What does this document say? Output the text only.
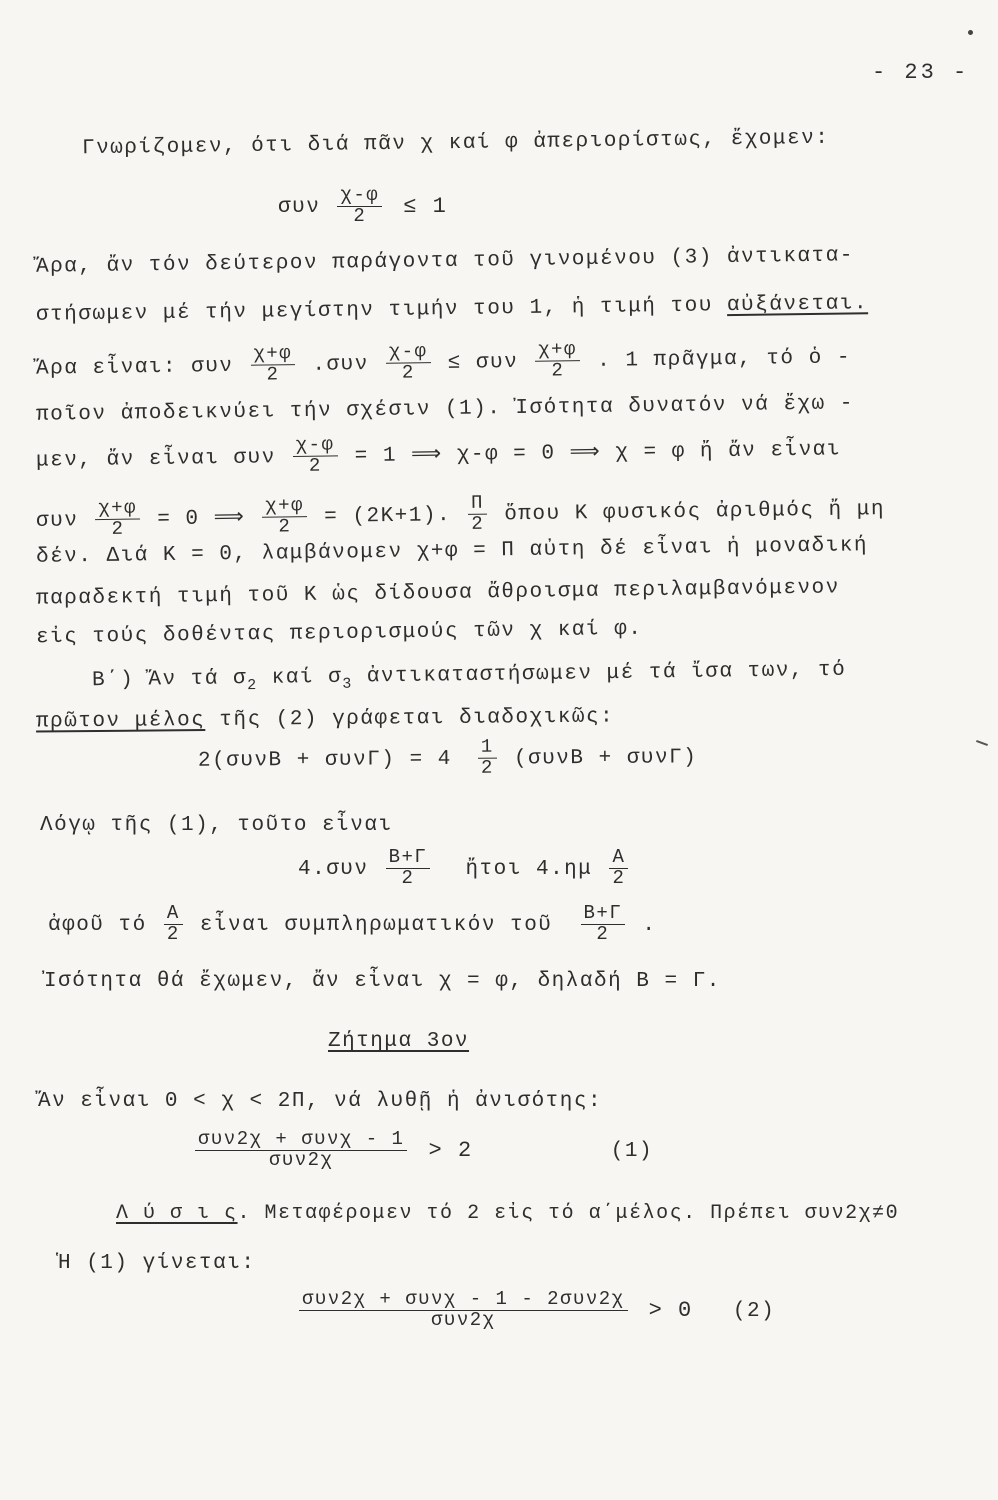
- 23 -
Γνωρίζομεν, ότι διά πᾶν χ καί φ ἀπεριορίστως, ἔχομεν:
συν $\frac{\chi-\varphi}{2} \le 1$
Ἄρα, ἄν τόν δεύτερον παράγοντα τοῦ γινομένου (3) ἀντικατα-
στήσωμεν μέ τήν μεγίστην τιμήν του 1, ἡ τιμή του αὐξάνεται.
Ἄρα εἶναι: συν $\frac{\chi+\varphi}{2} .\sigma\upsilon\nu \frac{\chi-\varphi}{2} \le \sigma\upsilon\nu \frac{\chi+\varphi}{2}$ . 1 πρᾶγμα, τό ὁ -
ποῖον ἀποδεικνύει τήν σχέσιν (1). Ἰσότητα δυνατόν νά ἔχω -
μεν, ἄν εἶναι συν $\frac{\chi-\varphi}{2} = 1$ ⟹ χ-φ = 0 ⟹ χ = φ ἤ ἄν εἶναι
συν $\frac{\chi+\varphi}{2} = 0$ ⟹ $\frac{\chi+\varphi}{2} = (2K+1)$. $\frac{\Pi}{2}$ ὅπου Κ φυσικός ἀριθμός ἤ μη
δέν. Διά Κ = 0, λαμβάνομεν χ+φ = Π αὐτη δέ εἶναι ἡ μοναδική
παραδεκτή τιμή τοῦ Κ ὡς δίδουσα ἄθροισμα περιλαμβανόμενον
εἰς τούς δοθέντας περιορισμούς τῶν χ καί φ.
Β΄) Ἄν τά $\sigma_2$ καί $\sigma_3$ ἀντικαταστήσωμεν μέ τά ἴσα των, τό
πρῶτον μέλος τῆς (2) γράφεται διαδοχικῶς:
$2(\sigma\upsilon\nu B + \sigma\upsilon\nu\Gamma) = 4 \frac{1}{2} (\sigma\upsilon\nu B + \sigma\upsilon\nu\Gamma)$
Λόγῳ τῆς (1), τοῦτο εἶναι
$4.\sigma\upsilon\nu \frac{B+\Gamma}{2}$ ἤτοι $4.\eta\mu \frac{A}{2}$
ἀφοῦ τό $\frac{A}{2}$ εἶναι συμπληρωματικόν τοῦ $\frac{B+\Gamma}{2}$ .
Ἰσότητα θά ἔχωμεν, ἄν εἶναι χ = φ, δηλαδή Β = Γ.
Ζήτημα 3ον
Ἄν εἶναι 0 < χ < 2Π, νά λυθῇ ἡ ἀνισότης:
$\frac{\text{συν2χ + συνχ - 1}}{\text{συν2χ}} > 2$	(1)
Λ ύ σ ι ς. Μεταφέρομεν τό 2 εἰς τό α΄μέλος. Πρέπει συν2χ≠0
Ἡ (1) γίνεται:
$\frac{\text{συν2χ + συνχ - 1 - 2συν2χ}}{\text{συν2χ}} > 0$ (2)
